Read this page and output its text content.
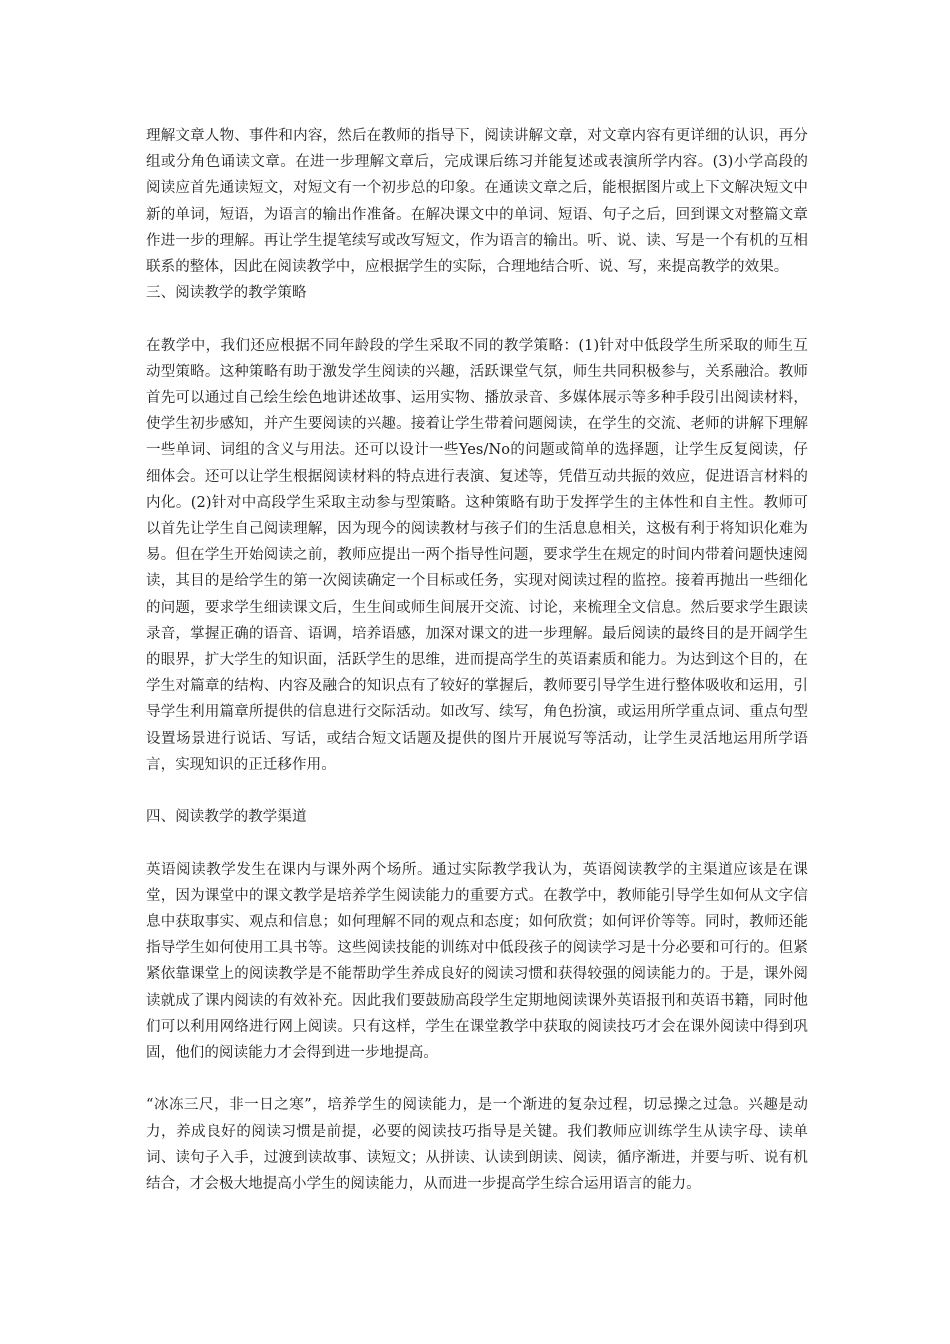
理解文章人物、事件和内容，然后在教师的指导下，阅读讲解文章，对文章内容有更详细的认识，再分组或分角色诵读文章。在进一步理解文章后，完成课后练习并能复述或表演所学内容。(3)小学高段的阅读应首先通读短文，对短文有一个初步总的印象。在通读文章之后，能根据图片或上下文解决短文中新的单词，短语，为语言的输出作准备。在解决课文中的单词、短语、句子之后，回到课文对整篇文章作进一步的理解。再让学生提笔续写或改写短文，作为语言的输出。听、说、读、写是一个有机的互相联系的整体，因此在阅读教学中，应根据学生的实际，合理地结合听、说、写，来提高教学的效果。

三、阅读教学的教学策略

在教学中，我们还应根据不同年龄段的学生采取不同的教学策略：(1)针对中低段学生所采取的师生互动型策略。这种策略有助于激发学生阅读的兴趣，活跃课堂气氛，师生共同积极参与，关系融洽。教师首先可以通过自己绘生绘色地讲述故事、运用实物、播放录音、多媒体展示等多种手段引出阅读材料，使学生初步感知，并产生要阅读的兴趣。接着让学生带着问题阅读，在学生的交流、老师的讲解下理解一些单词、词组的含义与用法。还可以设计一些Yes/No的问题或简单的选择题，让学生反复阅读，仔细体会。还可以让学生根据阅读材料的特点进行表演、复述等，凭借互动共振的效应，促进语言材料的内化。(2)针对中高段学生采取主动参与型策略。这种策略有助于发挥学生的主体性和自主性。教师可以首先让学生自己阅读理解，因为现今的阅读教材与孩子们的生活息息相关，这极有利于将知识化难为易。但在学生开始阅读之前，教师应提出一两个指导性问题，要求学生在规定的时间内带着问题快速阅读，其目的是给学生的第一次阅读确定一个目标或任务，实现对阅读过程的监控。接着再抛出一些细化的问题，要求学生细读课文后，生生间或师生间展开交流、讨论，来梳理全文信息。然后要求学生跟读录音，掌握正确的语音、语调，培养语感，加深对课文的进一步理解。最后阅读的最终目的是开阔学生的眼界，扩大学生的知识面，活跃学生的思维，进而提高学生的英语素质和能力。为达到这个目的，在学生对篇章的结构、内容及融合的知识点有了较好的掌握后，教师要引导学生进行整体吸收和运用，引导学生利用篇章所提供的信息进行交际活动。如改写、续写，角色扮演，或运用所学重点词、重点句型设置场景进行说话、写话，或结合短文话题及提供的图片开展说写等活动，让学生灵活地运用所学语言，实现知识的正迁移作用。

四、阅读教学的教学渠道

英语阅读教学发生在课内与课外两个场所。通过实际教学我认为，英语阅读教学的主渠道应该是在课堂，因为课堂中的课文教学是培养学生阅读能力的重要方式。在教学中，教师能引导学生如何从文字信息中获取事实、观点和信息；如何理解不同的观点和态度；如何欣赏；如何评价等等。同时，教师还能指导学生如何使用工具书等。这些阅读技能的训练对中低段孩子的阅读学习是十分必要和可行的。但紧紧依靠课堂上的阅读教学是不能帮助学生养成良好的阅读习惯和获得较强的阅读能力的。于是，课外阅读就成了课内阅读的有效补充。因此我们要鼓励高段学生定期地阅读课外英语报刊和英语书籍，同时他们可以利用网络进行网上阅读。只有这样，学生在课堂教学中获取的阅读技巧才会在课外阅读中得到巩固，他们的阅读能力才会得到进一步地提高。

“冰冻三尺，非一日之寒”，培养学生的阅读能力，是一个渐进的复杂过程，切忌操之过急。兴趣是动力，养成良好的阅读习惯是前提，必要的阅读技巧指导是关键。我们教师应训练学生从读字母、读单词、读句子入手，过渡到读故事、读短文；从拼读、认读到朗读、阅读，循序渐进，并要与听、说有机结合，才会极大地提高小学生的阅读能力，从而进一步提高学生综合运用语言的能力。
